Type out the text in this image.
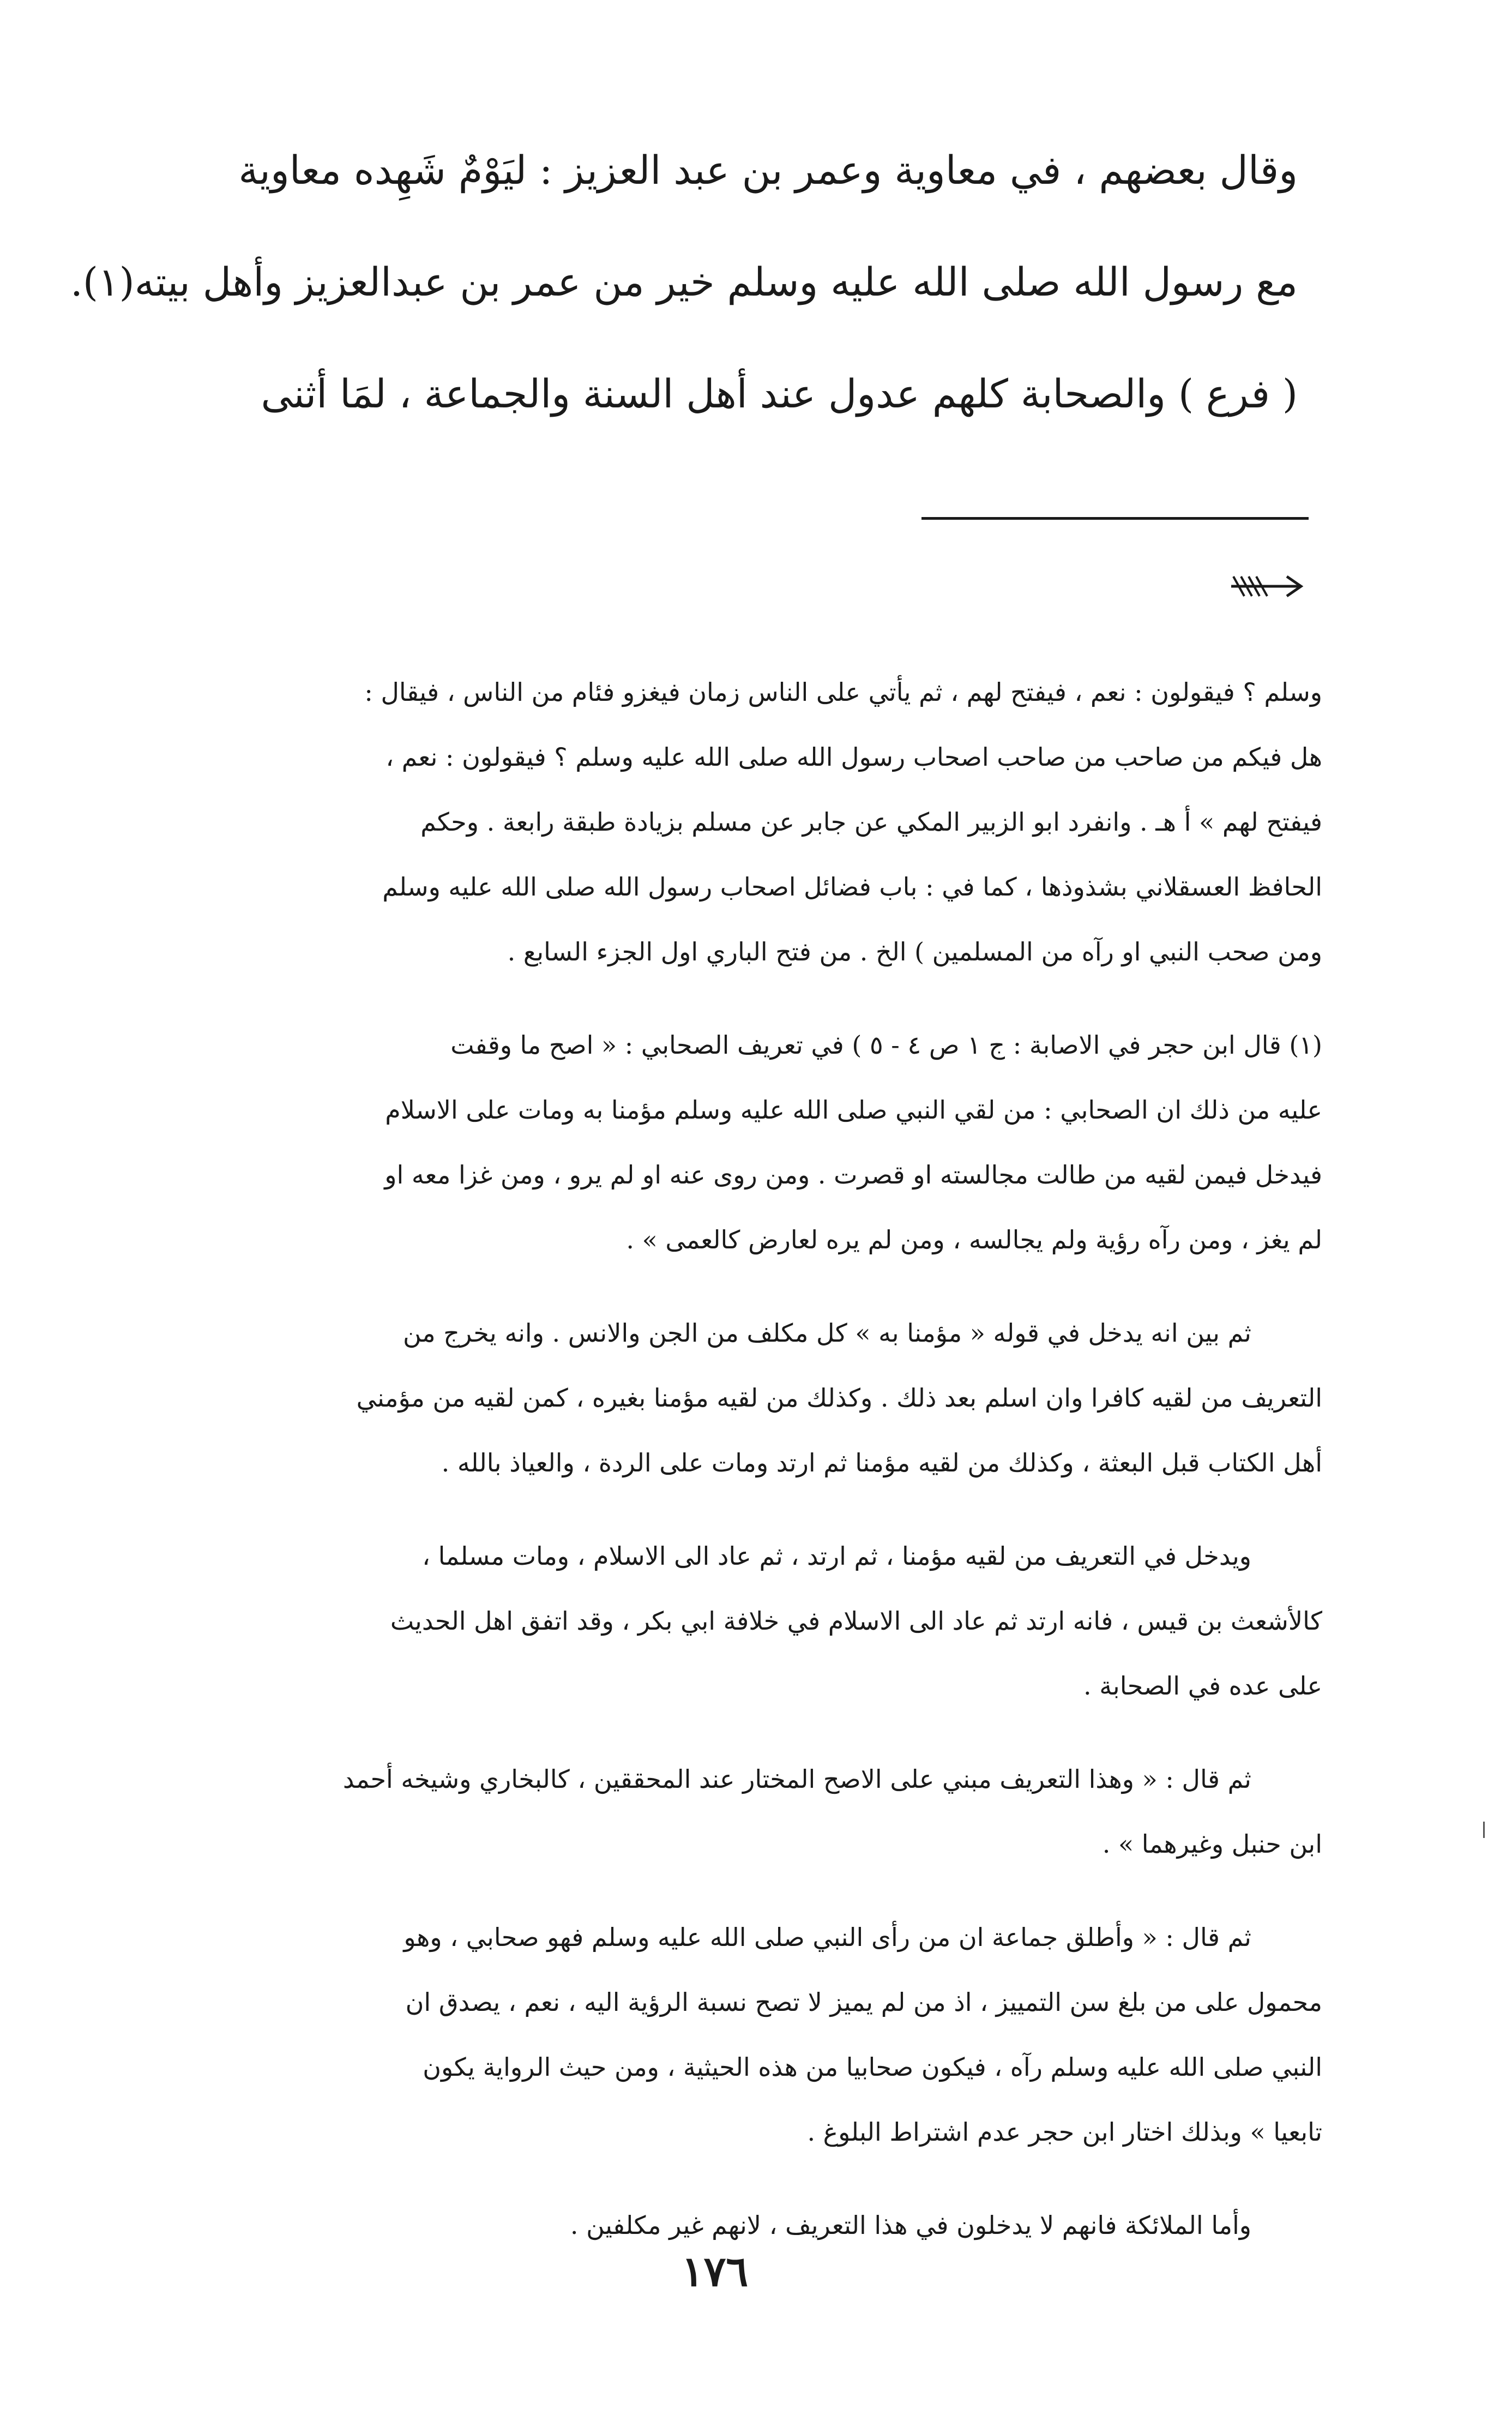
وقال بعضهم ، في معاوية وعمر بن عبد العزيز : ليَوْمٌ شَهِده معاوية
مع رسول الله صلى الله عليه وسلم خير من عمر بن عبدالعزيز وأهل بيته(١).
( فرع ) والصحابة كلهم عدول عند أهل السنة والجماعة ، لمَا أثنى
وسلم ؟ فيقولون : نعم ، فيفتح لهم ، ثم يأتي على الناس زمان فيغزو فئام من الناس ، فيقال :
هل فيكم من صاحب من صاحب اصحاب رسول الله صلى الله عليه وسلم ؟ فيقولون : نعم ،
فيفتح لهم » أ هـ . وانفرد ابو الزبير المكي عن جابر عن مسلم بزيادة طبقة رابعة . وحكم
الحافظ العسقلاني بشذوذها ، كما في : باب فضائل اصحاب رسول الله صلى الله عليه وسلم
ومن صحب النبي او رآه من المسلمين ) الخ . من فتح الباري اول الجزء السابع .
(١) قال ابن حجر في الاصابة : ج ١ ص ٤ - ٥ ) في تعريف الصحابي : « اصح ما وقفت
عليه من ذلك ان الصحابي : من لقي النبي صلى الله عليه وسلم مؤمنا به ومات على الاسلام
فيدخل فيمن لقيه من طالت مجالسته او قصرت . ومن روى عنه او لم يرو ، ومن غزا معه او
لم يغز ، ومن رآه رؤية ولم يجالسه ، ومن لم يره لعارض كالعمى » .
ثم بين انه يدخل في قوله « مؤمنا به » كل مكلف من الجن والانس . وانه يخرج من
التعريف من لقيه كافرا وان اسلم بعد ذلك . وكذلك من لقيه مؤمنا بغيره ، كمن لقيه من مؤمني
أهل الكتاب قبل البعثة ، وكذلك من لقيه مؤمنا ثم ارتد ومات على الردة ، والعياذ بالله .
ويدخل في التعريف من لقيه مؤمنا ، ثم ارتد ، ثم عاد الى الاسلام ، ومات مسلما ،
كالأشعث بن قيس ، فانه ارتد ثم عاد الى الاسلام في خلافة ابي بكر ، وقد اتفق اهل الحديث
على عده في الصحابة .
ثم قال : « وهذا التعريف مبني على الاصح المختار عند المحققين ، كالبخاري وشيخه أحمد
ابن حنبل وغيرهما » .
ثم قال : « وأطلق جماعة ان من رأى النبي صلى الله عليه وسلم فهو صحابي ، وهو
محمول على من بلغ سن التمييز ، اذ من لم يميز لا تصح نسبة الرؤية اليه ، نعم ، يصدق ان
النبي صلى الله عليه وسلم رآه ، فيكون صحابيا من هذه الحيثية ، ومن حيث الرواية يكون
تابعيا » وبذلك اختار ابن حجر عدم اشتراط البلوغ .
وأما الملائكة فانهم لا يدخلون في هذا التعريف ، لانهم غير مكلفين .
١٧٦
